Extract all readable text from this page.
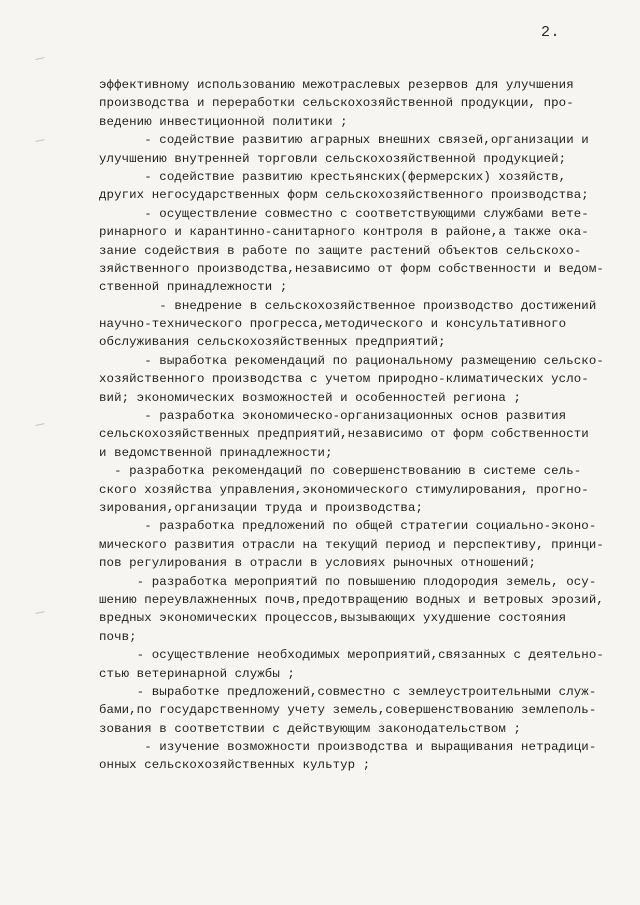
2.
эффективному использованию межотраслевых резервов для улучшения
производства и переработки сельскохозяйственной продукции, про-
ведению инвестиционной политики ;
- содействие развитию аграрных внешних связей,организации и
улучшению внутренней торговли сельскохозяйственной продукцией;
- содействие развитию крестьянских(фермерских) хозяйств,
других негосударственных форм сельскохозяйственного производства;
- осуществление совместно с соответствующими службами вете-
ринарного и карантинно-санитарного контроля в районе,а также ока-
зание содействия в работе по защите растений объектов сельскохо-
зяйственного производства,независимо от форм собственности и ведом-
ственной принадлежности ;
- внедрение в сельскохозяйственное производство достижений
научно-технического прогресса,методического и консультативного
обслуживания сельскохозяйственных предприятий;
- выработка рекомендаций по рациональному размещению сельско-
хозяйственного производства с учетом природно-климатических усло-
вий; экономических возможностей и особенностей региона ;
- разработка экономическо-организационных основ развития
сельскохозяйственных предприятий,независимо от форм собственности
и ведомственной принадлежности;
- разработка рекомендаций по совершенствованию в системе сель-
ского хозяйства управления,экономического стимулирования, прогно-
зирования,организации труда и производства;
- разработка предложений по общей стратегии социально-эконо-
мического развития отрасли на текущий период и перспективу, принци-
пов регулирования в отрасли в условиях рыночных отношений;
- разработка мероприятий по повышению плодородия земель, осу-
шению переувлажненных почв,предотвращению водных и ветровых эрозий,
вредных экономических процессов,вызывающих ухудшение состояния
почв;
- осуществление необходимых мероприятий,связанных с деятельно-
стью ветеринарной службы ;
- выработке предложений,совместно с землеустроительными служ-
бами,по государственному учету земель,совершенствованию землеполь-
зования в соответствии с действующим законодательством ;
- изучение возможности производства и выращивания нетрадици-
онных сельскохозяйственных культур ;
